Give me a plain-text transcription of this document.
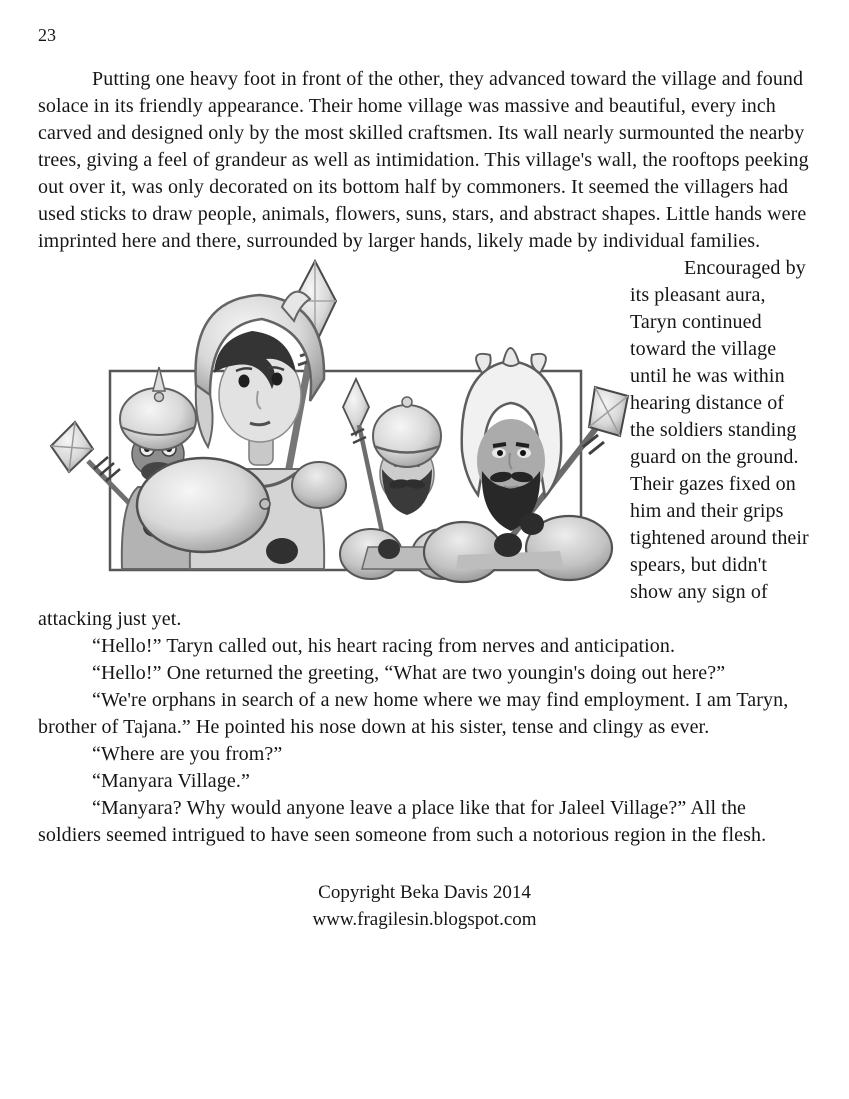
23

Putting one heavy foot in front of the other, they advanced toward the village and found solace in its friendly appearance. Their home village was massive and beautiful, every inch carved and designed only by the most skilled craftsmen. Its wall nearly surmounted the nearby trees, giving a feel of grandeur as well as intimidation. This village's wall, the rooftops peeking out over it, was only decorated on its bottom half by commoners. It seemed the villagers had used sticks to draw people, animals, flowers, suns, stars, and abstract shapes. Little hands were imprinted here and there, surrounded by larger hands, likely made by individual families.

Encouraged by its pleasant aura, Taryn continued toward the village until he was within hearing distance of the soldiers standing guard on the ground. Their gazes fixed on him and their grips tightened around their spears, but didn't show any sign of attacking just yet.

“Hello!” Taryn called out, his heart racing from nerves and anticipation.

“Hello!” One returned the greeting, “What are two youngin's doing out here?”

“We're orphans in search of a new home where we may find employment. I am Taryn, brother of Tajana.” He pointed his nose down at his sister, tense and clingy as ever.

“Where are you from?”

“Manyara Village.”

“Manyara? Why would anyone leave a place like that for Jaleel Village?” All the soldiers seemed intrigued to have seen someone from such a notorious region in the flesh.

Copyright Beka Davis 2014
www.fragilesin.blogspot.com
